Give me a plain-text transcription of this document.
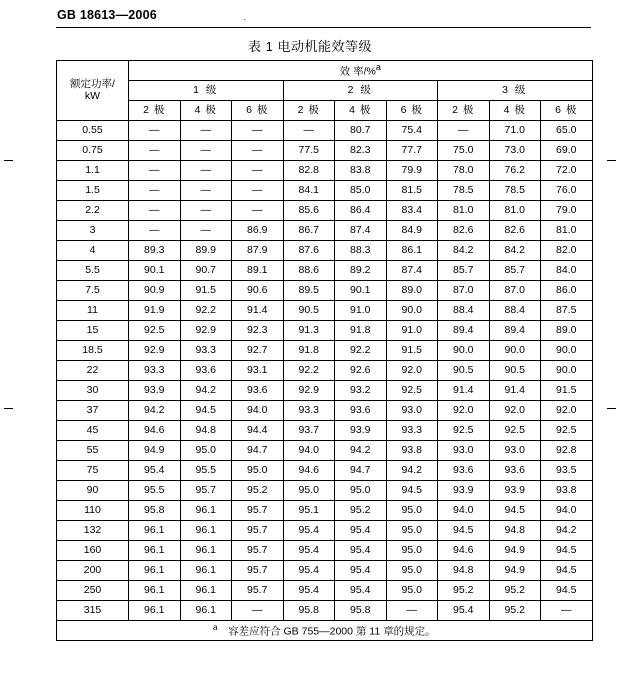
GB 18613—2006	·
表 1 电动机能效等级
额定功率/
kW	效 率/%$^a$
	1 级			2 级			3 级		
	2 极	4 极	6 极	2 极	4 极	6 极	2 极	4 极	6 极
0.55	—	—	—	—	80.7	75.4	—	71.0	65.0
0.75	—	—	—	77.5	82.3	77.7	75.0	73.0	69.0
1.1	—	—	—	82.8	83.8	79.9	78.0	76.2	72.0
1.5	—	—	—	84.1	85.0	81.5	78.5	78.5	76.0
2.2	—	—	—	85.6	86.4	83.4	81.0	81.0	79.0
3	—	—	86.9	86.7	87.4	84.9	82.6	82.6	81.0
4	89.3	89.9	87.9	87.6	88.3	86.1	84.2	84.2	82.0
5.5	90.1	90.7	89.1	88.6	89.2	87.4	85.7	85.7	84.0
7.5	90.9	91.5	90.6	89.5	90.1	89.0	87.0	87.0	86.0
11	91.9	92.2	91.4	90.5	91.0	90.0	88.4	88.4	87.5
15	92.5	92.9	92.3	91.3	91.8	91.0	89.4	89.4	89.0
18.5	92.9	93.3	92.7	91.8	92.2	91.5	90.0	90.0	90.0
22	93.3	93.6	93.1	92.2	92.6	92.0	90.5	90.5	90.0
30	93.9	94.2	93.6	92.9	93.2	92.5	91.4	91.4	91.5
37	94.2	94.5	94.0	93.3	93.6	93.0	92.0	92.0	92.0
45	94.6	94.8	94.4	93.7	93.9	93.3	92.5	92.5	92.5
55	94.9	95.0	94.7	94.0	94.2	93.8	93.0	93.0	92.8
75	95.4	95.5	95.0	94.6	94.7	94.2	93.6	93.6	93.5
90	95.5	95.7	95.2	95.0	95.0	94.5	93.9	93.9	93.8
110	95.8	96.1	95.7	95.1	95.2	95.0	94.0	94.5	94.0
132	96.1	96.1	95.7	95.4	95.4	95.0	94.5	94.8	94.2
160	96.1	96.1	95.7	95.4	95.4	95.0	94.6	94.9	94.5
200	96.1	96.1	95.7	95.4	95.4	95.0	94.8	94.9	94.5
250	96.1	96.1	95.7	95.4	95.4	95.0	95.2	95.2	94.5
315	96.1	96.1	—	95.8	95.8	—	95.4	95.2	—
$^a$　容差应符合 GB 755—2000 第 11 章的规定。									
